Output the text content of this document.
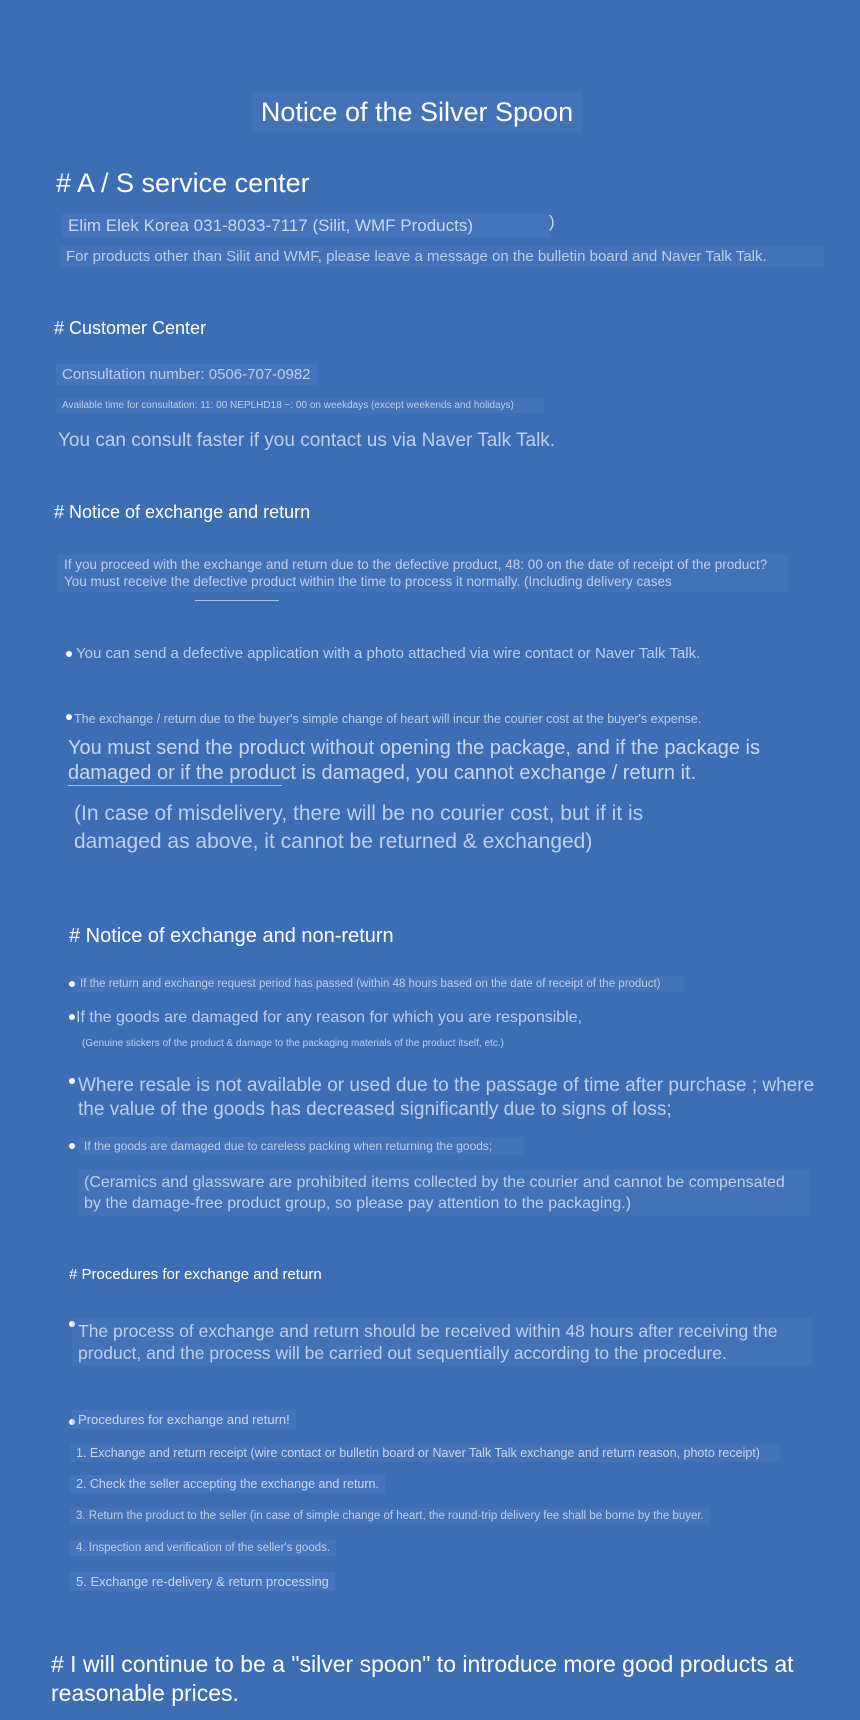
Notice of the Silver Spoon
# A / S service center
Elim Elek Korea 031-8033-7117 (Silit, WMF Products)	)
For products other than Silit and WMF, please leave a message on the bulletin board and Naver Talk Talk.
# Customer Center
Consultation number: 0506-707-0982
Available time for consultation: 11: 00 NEPLHD18 ~: 00 on weekdays (except weekends and holidays)
You can consult faster if you contact us via Naver Talk Talk.
# Notice of exchange and return
If you proceed with the exchange and return due to the defective product, 48: 00 on the date of receipt of the product? You must receive the defective product within the time to process it normally. (Including delivery cases
You can send a defective application with a photo attached via wire contact or Naver Talk Talk.
The exchange / return due to the buyer's simple change of heart will incur the courier cost at the buyer's expense.
You must send the product without opening the package, and if the package is damaged or if the product is damaged, you cannot exchange / return it.
(In case of misdelivery, there will be no courier cost, but if it is damaged as above, it cannot be returned & exchanged)
# Notice of exchange and non-return
If the return and exchange request period has passed (within 48 hours based on the date of receipt of the product)
If the goods are damaged for any reason for which you are responsible,
(Genuine stickers of the product & damage to the packaging materials of the product itself, etc.)
Where resale is not available or used due to the passage of time after purchase ; where the value of the goods has decreased significantly due to signs of loss;
If the goods are damaged due to careless packing when returning the goods;
(Ceramics and glassware are prohibited items collected by the courier and cannot be compensated by the damage-free product group, so please pay attention to the packaging.)
# Procedures for exchange and return
The process of exchange and return should be received within 48 hours after receiving the product, and the process will be carried out sequentially according to the procedure.
Procedures for exchange and return!
1. Exchange and return receipt (wire contact or bulletin board or Naver Talk Talk exchange and return reason, photo receipt)
2. Check the seller accepting the exchange and return.
3. Return the product to the seller (in case of simple change of heart, the round-trip delivery fee shall be borne by the buyer.
4. Inspection and verification of the seller's goods.
5. Exchange re-delivery & return processing
# I will continue to be a "silver spoon" to introduce more good products at reasonable prices.
